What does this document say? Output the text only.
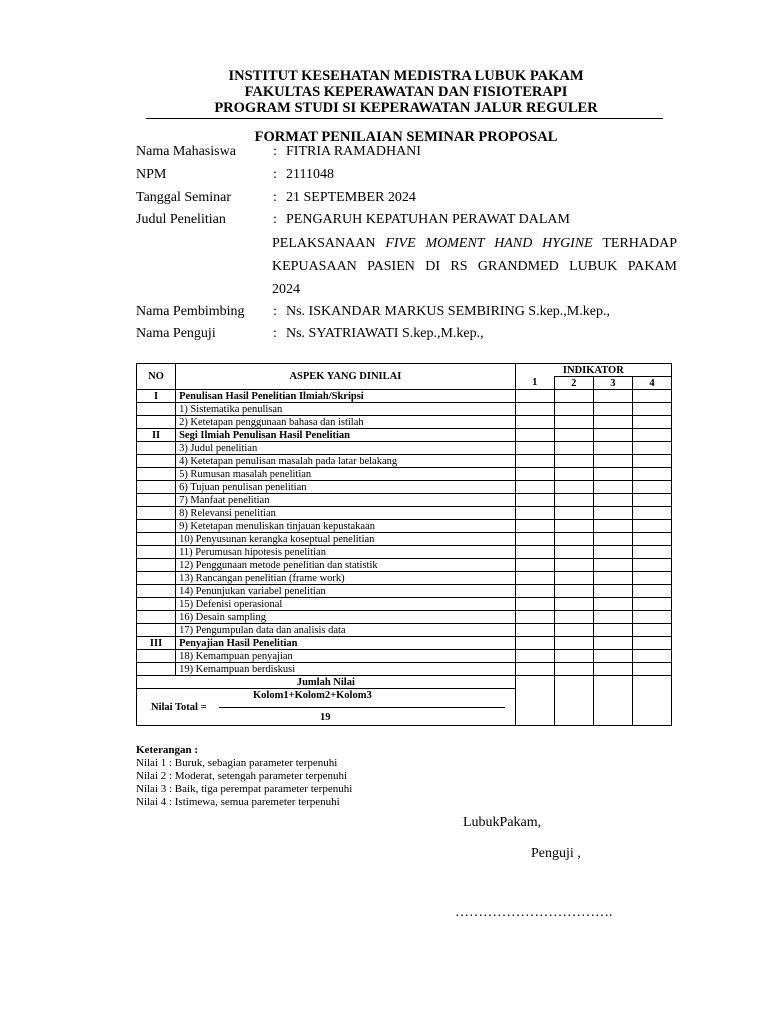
INSTITUT KESEHATAN MEDISTRA LUBUK PAKAM
FAKULTAS KEPERAWATAN DAN FISIOTERAPI
PROGRAM STUDI SI KEPERAWATAN JALUR REGULER
FORMAT PENILAIAN SEMINAR PROPOSAL
Nama Mahasiswa	: FITRIA RAMADHANI
NPM	: 2111048
Tanggal Seminar	: 21 SEPTEMBER 2024
Judul Penelitian	: PENGARUH KEPATUHAN PERAWAT DALAM
PELAKSANAAN FIVE MOMENT HAND HYGINE TERHADAP
KEPUASAAN PASIEN DI RS GRANDMED LUBUK PAKAM
2024
Nama Pembimbing : Ns. ISKANDAR MARKUS SEMBIRING S.kep.,M.kep.,
Nama Penguji	: Ns. SYATRIAWATI S.kep.,M.kep.,
NO	ASPEK YANG DINILAI	INDIKATOR			
		1	2	3	4
I	Penulisan Hasil Penelitian Ilmiah/Skripsi				
	1) Sistematika penulisan				
	2) Ketetapan penggunaan bahasa dan istilah				
II	Segi Ilmiah Penulisan Hasil Penelitian				
	3) Judul penelitian				
	4) Ketetapan penulisan masalah pada latar belakang				
	5) Rumusan masalah penelitian				
	6) Tujuan penulisan penelitian				
	7) Manfaat penelitian				
	8) Relevansi penelitian				
	9) Ketetapan menuliskan tinjauan kepustakaan				
	10) Penyusunan kerangka koseptual penelitian				
	11) Perumusan hipotesis penelitian				
	12) Penggunaan metode penelitian dan statistik				
	13) Rancangan penelitian (frame work)				
	14) Penunjukan variabel penelitian				
	15) Defenisi operasional				
	16) Desain sampling				
	17) Pengumpulan data dan analisis data				
III	Penyajian Hasil Penelitian				
	18) Kemampuan penyajian				
	19) Kemampuan berdiskusi				
Jumlah Nilai					

Nilai Total =
Kolom1+Kolom2+Kolom3
19					
Keterangan :
Nilai 1 : Buruk, sebagian parameter terpenuhi
Nilai 2 : Moderat, setengah parameter terpenuhi
Nilai 3 : Baik, tiga perempat parameter terpenuhi
Nilai 4 : Istimewa, semua paremeter terpenuhi
LubukPakam,
Penguji ,
…………………………….
